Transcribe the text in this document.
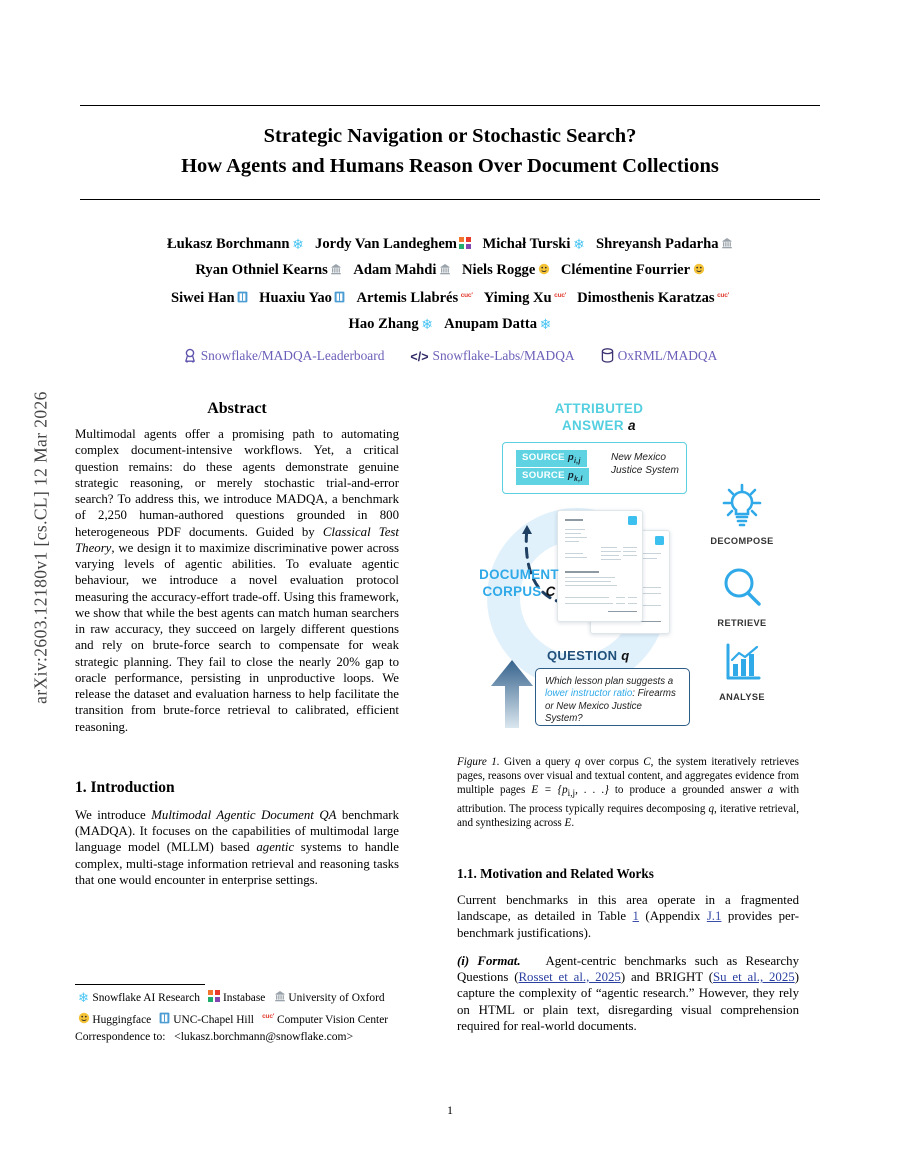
arXiv:2603.12180v1 [cs.CL] 12 Mar 2026
Strategic Navigation or Stochastic Search?
How Agents and Humans Reason Over Document Collections
Łukasz Borchmann ❄ Jordy Van Landeghem Michał Turski ❄ Shreyansh Padarha
Ryan Othniel Kearns Adam Mahdi Niels Rogge Clémentine Fourrier
Siwei Han Huaxiu Yao Artemis Llabrés cuc′ Yiming Xu cuc′ Dimosthenis Karatzas cuc′
Hao Zhang ❄ Anupam Datta ❄
Snowflake/MADQA-Leaderboard </> Snowflake-Labs/MADQA	OxRML/MADQA
Abstract
Multimodal agents offer a promising path to automating complex document-intensive workflows. Yet, a critical question remains: do these agents demonstrate genuine strategic reasoning, or merely stochastic trial-and-error search? To address this, we introduce MADQA, a benchmark of 2,250 human-authored questions grounded in 800 heterogeneous PDF documents. Guided by Classical Test Theory, we design it to maximize discriminative power across varying levels of agentic abilities. To evaluate agentic behaviour, we introduce a novel evaluation protocol measuring the accuracy-effort trade-off. Using this framework, we show that while the best agents can match human searchers in raw accuracy, they succeed on largely different questions and rely on brute-force search to compensate for weak strategic planning. They fail to close the nearly 20% gap to oracle performance, persisting in unproductive loops. We release the dataset and evaluation harness to help facilitate the transition from brute-force retrieval to calibrated, efficient reasoning.
1. Introduction
We introduce Multimodal Agentic Document QA benchmark (MADQA). It focuses on the capabilities of multimodal large language model (MLLM) based agentic systems to handle complex, multi-stage information retrieval and reasoning tasks that one would encounter in enterprise settings.
❄ Snowflake AI Research Instabase University of Oxford
Huggingface UNC-Chapel Hill cuc′ Computer Vision Center
Correspondence to: <lukasz.borchmann@snowflake.com>
ATTRIBUTED
ANSWER a
SOURCE $p_{i,j}$
SOURCE $p_{k,l}$
New Mexico Justice System
DOCUMENT
CORPUS C
QUESTION q
Which lesson plan suggests a lower instructor ratio: Firearms or New Mexico Justice System?
DECOMPOSE
RETRIEVE
ANALYSE
Figure 1. Given a query q over corpus C, the system iteratively retrieves pages, reasons over visual and textual content, and aggregates evidence from multiple pages $E = \{p_{i,j}$, . . .} to produce a grounded answer a with attribution. The process typically requires decomposing q, iterative retrieval, and synthesizing across E.
1.1. Motivation and Related Works
Current benchmarks in this area operate in a fragmented landscape, as detailed in Table 1 (Appendix J.1 provides per-benchmark justifications).
(i) Format. Agent-centric benchmarks such as Researchy Questions (Rosset et al., 2025) and BRIGHT (Su et al., 2025) capture the complexity of “agentic research.” However, they rely on HTML or plain text, disregarding visual comprehension required for real-world documents.
1
